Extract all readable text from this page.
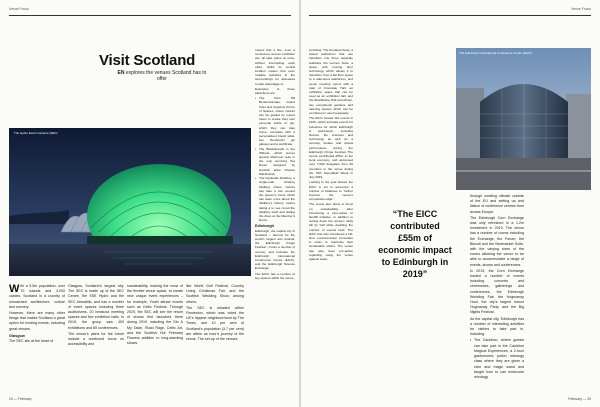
Venue Focus
Visit Scotland
EN explores the venues Scotland has to offer
The Hydro Event Campus (SEC)

With a 5.5m population, over 70 islands and 3,000 castles, Scotland is a country of unmatched architecture, culture and scenery.

However, there are many other things that makes Scotland a great option for hosting events, including great venues.

Glasgow

The SEC sits at the heart of

Glasgow, Scotland’s largest city. The SEC is made up of the SEC Centre, the SSE Hydro and the SEC Armadillo, and has a number of event spaces including three auditoriums, 20 breakout meeting spaces and five exhibition halls. In 2019, the group saw 400 exhibitions and 69 conferences.

The venue’s plans for the future include a continued focus on accessibility and

sustainability, making the most of the flexible venue space, to create new unique event experiences – for example, Youth attract events such as Celtic Festival. Through 2020, the SEC will see the return of shows first launched there during 2019, including the Gin & My Taste, Road Rage, Celtic Art, and the Scottish Hot February Flowers addition to long-standing shows

like World Golf Festival, Country Living Christmas Fair, and the Scottish Wedding Show, among others.

The SEC is situated within Finnieston, which was voted the UK’s hippest neighbourhood by The Times, and 10 per cent of Scotland’s population (3.7 per cent) are within an hour’s journey of the venue. The set-up of the venues

means that a five, even a conference and an exhibition can all take place at once, without interrupting each other, whilst its central location means that even multiple activities in the surroundings for attendees to take advantage of.

Examples of these attractions are:

• The Kibo Hill Benderstandau: Grand hotel and longview Prince of Spaces, where visitors can be guided by expert tutors to create their own personal bottle of gin, which they can take home, complete with a personalised brand label, two Hendrocks gin glasses and a certificate.
• The Blackstroads in the Willows, which serves special afternoon teas in the only surviving Tea Room designed by Scottish artist Charles Mackintosh.
• The Clydeside Distillery, a single-malt whiskey distillery where visitors can take a tour around the Queen’s Dock which can learn more about the distillery’s history, before taking a to see round the distillery itself and tasting the dram at the Member’s Room.
Edinburgh

Edinburgh, the capital city of Scotland – famous for the world’s largest arts festival, the Edinburgh Fringe Festival – hosts a number of venues, and includes the Edinburgh International Conference Centre (EICC), and the Edinburgh Science Exchange.

The EICC has a number of key spaces within the venue,

24 — February
Venue Focus

including: The Pentland Suite, a raised auditorium that can transform into three separate auditoria, the Lennox Suite, a space with moving floor technology which allows it to transform from a flat floor space to a rake-lined auditorium, and seven meeting rooms with a total of Cromdale Hall, an exhibition space that can be used as an exhibition hall, and the Strathblane Hall and Atrium, two exceptional gardens and catering spaces which can be combined or used separately.

The EICC hosted 112 events in 2019, which included events for industries for which Edinburgh is well-known, including finance, life sciences and technology as well as a comedy, theatre and drama performance during the Edinburgh Fringe Festival. The venue contributed £55m to the local economy, and welcomed over 7,000 delegates from 60 countries to the venue during the 75th Soundfield Week in July 2019.

Looking to the year ahead, the EICC is set to announce a number of initiatives to “further improve the venue’s competitive edge.”

The venue also plans to focus on sustainability, after introducing a zero-waste to landfill initiative, in addition to cutting down the venue’s utility bill by half while doubling the number of events held. The EICC has also introduced a full-time environmental consultant in order to maximise their sustainable efforts. The venue has also been pro-active regarding using the venue against water,

The Edinburgh International Conference Centre (EICC)
“The EICC contributed £55m of economic impact to Edinburgh in 2019”

through creating climate outside of the EU and setting up and liaison of conference centres from across Europe.

The Edinburgh Corn Exchange was only refreshed in a 1.2m investment in 2019. The venue has a number of rooms including the Exchange, the Forum, the Biscuit and the Newmarket Suite, with the varying sizes of the rooms allowing the venue to be able to accommodate a range of events, shows and conferences.

In 2019, the Corn Exchange hosted a number of events including concerts and ceremonies, gatherings and conferences, the Edinburgh Wedding Fair, the Hogmanay Hoot, the city’s largest indoor Hogmanay Party, and the Big Nights Festival.

As the capital city, Edinburgh has a number of interesting activities for visitors to take part in, including:

• The Cauldron, where guests can take part in the Cauldron Magical Experiences, a 2-hour gastronomic potion mixology class where they are given a robe and magic wand and taught how to use molecular mixology
February — 25
